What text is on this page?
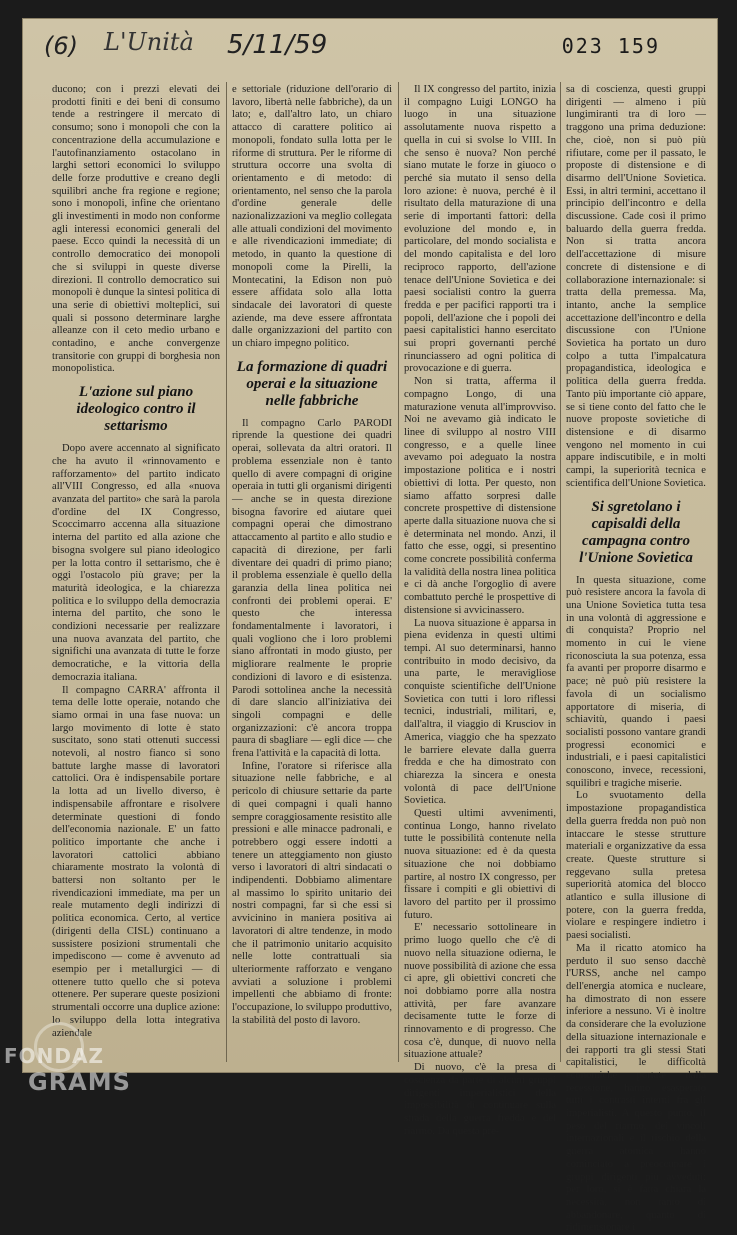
(6) L'Unità 5/11/59	023 159

ducono; con i prezzi elevati dei prodotti finiti e dei beni di consumo tende a restringere il mercato di consumo; sono i monopoli che con la concentrazione della accumulazione e l'autofinanziamento ostacolano in larghi settori economici lo sviluppo delle forze produttive e creano degli squilibri anche fra regione e regione; sono i monopoli, infine che orientano gli investimenti in modo non conforme agli interessi economici generali del paese. Ecco quindi la necessità di un controllo democratico dei monopoli che si sviluppi in queste diverse direzioni. Il controllo democratico sui monopoli è dunque la sintesi politica di una serie di obiettivi molteplici, sui quali si possono determinare larghe alleanze con il ceto medio urbano e contadino, e anche convergenze transitorie con gruppi di borghesia non monopolistica.

L'azione sul piano ideologico contro il settarismo

Dopo avere accennato al significato che ha avuto il «rinnovamento e rafforzamento» del partito indicato all'VIII Congresso, ed alla «nuova avanzata del partito» che sarà la parola d'ordine del IX Congresso, Scoccimarro accenna alla situazione interna del partito ed alla azione che bisogna svolgere sul piano ideologico per la lotta contro il settarismo, che è oggi l'ostacolo più grave; per la maturità ideologica, e la chiarezza politica e lo sviluppo della democrazia interna del partito, che sono le condizioni necessarie per realizzare una nuova avanzata del partito, che significhi una avanzata di tutte le forze democratiche, e la vittoria della democrazia italiana.

Il compagno CARRA' affronta il tema delle lotte operaie, notando che siamo ormai in una fase nuova: un largo movimento di lotte è stato suscitato, sono stati ottenuti successi notevoli, al nostro fianco si sono battute larghe masse di lavoratori cattolici. Ora è indispensabile portare la lotta ad un livello diverso, è indispensabile affrontare e risolvere determinate questioni di fondo dell'economia nazionale. E' un fatto politico importante che anche i lavoratori cattolici abbiano chiaramente mostrato la volontà di battersi non soltanto per le rivendicazioni immediate, ma per un reale mutamento degli indirizzi di politica economica. Certo, al vertice (dirigenti della CISL) continuano a sussistere posizioni strumentali che impediscono — come è avvenuto ad esempio per i metallurgici — di ottenere tutto quello che si poteva ottenere. Per superare queste posizioni strumentali occorre una duplice azione: lo sviluppo della lotta integrativa aziendale

e settoriale (riduzione dell'orario di lavoro, libertà nelle fabbriche), da un lato; e, dall'altro lato, un chiaro attacco di carattere politico ai monopoli, fondato sulla lotta per le riforme di struttura. Per le riforme di struttura occorre una svolta di orientamento e di metodo: di orientamento, nel senso che la parola d'ordine generale delle nazionalizzazioni va meglio collegata alle attuali condizioni del movimento e alle rivendicazioni immediate; di metodo, in quanto la questione di monopoli come la Pirelli, la Montecatini, la Edison non può essere affidata solo alla lotta sindacale dei lavoratori di queste aziende, ma deve essere affrontata dalle organizzazioni del partito con un chiaro impegno politico.

La formazione di quadri operai e la situazione nelle fabbriche

Il compagno Carlo PARODI riprende la questione dei quadri operai, sollevata da altri oratori. Il problema essenziale non è tanto quello di avere compagni di origine operaia in tutti gli organismi dirigenti — anche se in questa direzione bisogna favorire ed aiutare quei compagni operai che dimostrano attaccamento al partito e allo studio e capacità di direzione, per farli diventare dei quadri di primo piano; il problema essenziale è quello della garanzia della linea politica nei confronti dei problemi operai. E' questo che interessa fondamentalmente i lavoratori, i quali vogliono che i loro problemi siano affrontati in modo giusto, per migliorare realmente le proprie condizioni di lavoro e di esistenza. Parodi sottolinea anche la necessità di dare slancio all'iniziativa dei singoli compagni e delle organizzazioni: c'è ancora troppa paura di sbagliare — egli dice — che frena l'attività e la capacità di lotta.

Infine, l'oratore si riferisce alla situazione nelle fabbriche, e al pericolo di chiusure settarie da parte di quei compagni i quali hanno sempre coraggiosamente resistito alle pressioni e alle minacce padronali, e potrebbero oggi essere indotti a tenere un atteggiamento non giusto verso i lavoratori di altri sindacati o indipendenti. Dobbiamo alimentare al massimo lo spirito unitario dei nostri compagni, far sì che essi si avvicinino in maniera positiva ai lavoratori di altre tendenze, in modo che il patrimonio unitario acquisito nelle lotte contrattuali sia ulteriormente rafforzato e vengano avviati a soluzione i problemi impellenti che abbiamo di fronte: l'occupazione, lo sviluppo produttivo, la stabilità del posto di lavoro.

Il IX congresso del partito, inizia il compagno Luigi LONGO ha luogo in una situazione assolutamente nuova rispetto a quella in cui si svolse lo VIII. In che senso è nuova? Non perché siano mutate le forze in giuoco o perché sia mutato il senso della loro azione: è nuova, perché è il risultato della maturazione di una serie di importanti fattori: della evoluzione del mondo e, in particolare, del mondo socialista e del mondo capitalista e del loro reciproco rapporto, dell'azione tenace dell'Unione Sovietica e dei paesi socialisti contro la guerra fredda e per pacifici rapporti tra i popoli, dell'azione che i popoli dei paesi capitalistici hanno esercitato sui propri governanti perché rinunciassero ad ogni politica di provocazione e di guerra.

Non si tratta, afferma il compagno Longo, di una maturazione venuta all'improvviso. Noi ne avevamo già indicato le linee di sviluppo al nostro VIII congresso, e a quelle linee avevamo poi adeguato la nostra impostazione politica e i nostri obiettivi di lotta. Per questo, non siamo affatto sorpresi dalle concrete prospettive di distensione aperte dalla situazione nuova che si è determinata nel mondo. Anzi, il fatto che esse, oggi, si presentino come concrete possibilità conferma la validità della nostra linea politica e ci dà anche l'orgoglio di avere combattuto perché le prospettive di distensione si avvicinassero.

La nuova situazione è apparsa in piena evidenza in questi ultimi tempi. Al suo determinarsi, hanno contribuito in modo decisivo, da una parte, le meravigliose conquiste scientifiche dell'Unione Sovietica con tutti i loro riflessi tecnici, industriali, militari, e, dall'altra, il viaggio di Krusciov in America, viaggio che ha spezzato le barriere elevate dalla guerra fredda e che ha dimostrato con chiarezza la sincera e onesta volontà di pace dell'Unione Sovietica.

Questi ultimi avvenimenti, continua Longo, hanno rivelato tutte le possibilità contenute nella nuova situazione: ed è da questa situazione che noi dobbiamo partire, al nostro IX congresso, per fissare i compiti e gli obiettivi di lavoro del partito per il prossimo futuro.

E' necessario sottolineare in primo luogo quello che c'è di nuovo nella situazione odierna, le nuove possibilità di azione che essa ci apre, gli obiettivi concreti che noi dobbiamo porre alla nostra attività, per fare avanzare decisamente tutte le forze di rinnovamento e di progresso. Che cosa c'è, dunque, di nuovo nella situazione attuale?

Di nuovo, c'è la presa di coscienza da parte di alcuni gruppi dirigenti imperialistici della impossibilità di continuare sulla strada della guerra fredda e del riarmo. Da questa pre-

sa di coscienza, questi gruppi dirigenti — almeno i più lungimiranti tra di loro — traggono una prima deduzione: che, cioè, non si può più rifiutare, come per il passato, le proposte di distensione e di disarmo dell'Unione Sovietica. Essi, in altri termini, accettano il principio dell'incontro e della discussione. Cade così il primo baluardo della guerra fredda. Non si tratta ancora dell'accettazione di misure concrete di distensione e di collaborazione internazionale: si tratta della premessa. Ma, intanto, anche la semplice accettazione dell'incontro e della discussione con l'Unione Sovietica ha portato un duro colpo a tutta l'impalcatura propagandistica, ideologica e politica della guerra fredda. Tanto più importante ciò appare, se si tiene conto del fatto che le nuove proposte sovietiche di distensione e di disarmo vengono nel momento in cui appare indiscutibile, e in molti campi, la superiorità tecnica e scientifica dell'Unione Sovietica.

Si sgretolano i capisaldi della campagna contro l'Unione Sovietica

In questa situazione, come può resistere ancora la favola di una Unione Sovietica tutta tesa in una volontà di aggressione e di conquista? Proprio nel momento in cui le viene riconosciuta la sua potenza, essa fa avanti per proporre disarmo e pace; nè può più resistere la favola di un socialismo apportatore di miseria, di schiavitù, quando i paesi socialisti possono vantare grandi progressi economici e industriali, e i paesi capitalistici conoscono, invece, recessioni, squilibri e tragiche miserie.

Lo svuotamento della impostazione propagandistica della guerra fredda non può non intaccare le stesse strutture materiali e organizzative da essa create. Queste strutture si reggevano sulla pretesa superiorità atomica del blocco atlantico e sulla illusione di potere, con la guerra fredda, violare e respingere indietro i paesi socialisti.

Ma il ricatto atomico ha perduto il suo senso dacchè l'URSS, anche nel campo dell'energia atomica e nucleare, ha dimostrato di non essere inferiore a nessuno. Vi è inoltre da considerare che la evoluzione della situazione internazionale e dei rapporti tra gli stessi Stati capitalistici, le difficoltà economiche portate dalla recessione, hanno esasperato tutti i contrasti interni fra gli imperialisti. A questo punto, il peso del riarmo, dei vincoli internazionali e il rischio della guerra atomica hanno cominciato a preoccupare i gruppi dirigenti più avveduti: per loro, si è fatta chiara la necessità, non tanto di abbandonare, quanto di ridimensionare i

FONDAZ
GRAMS
